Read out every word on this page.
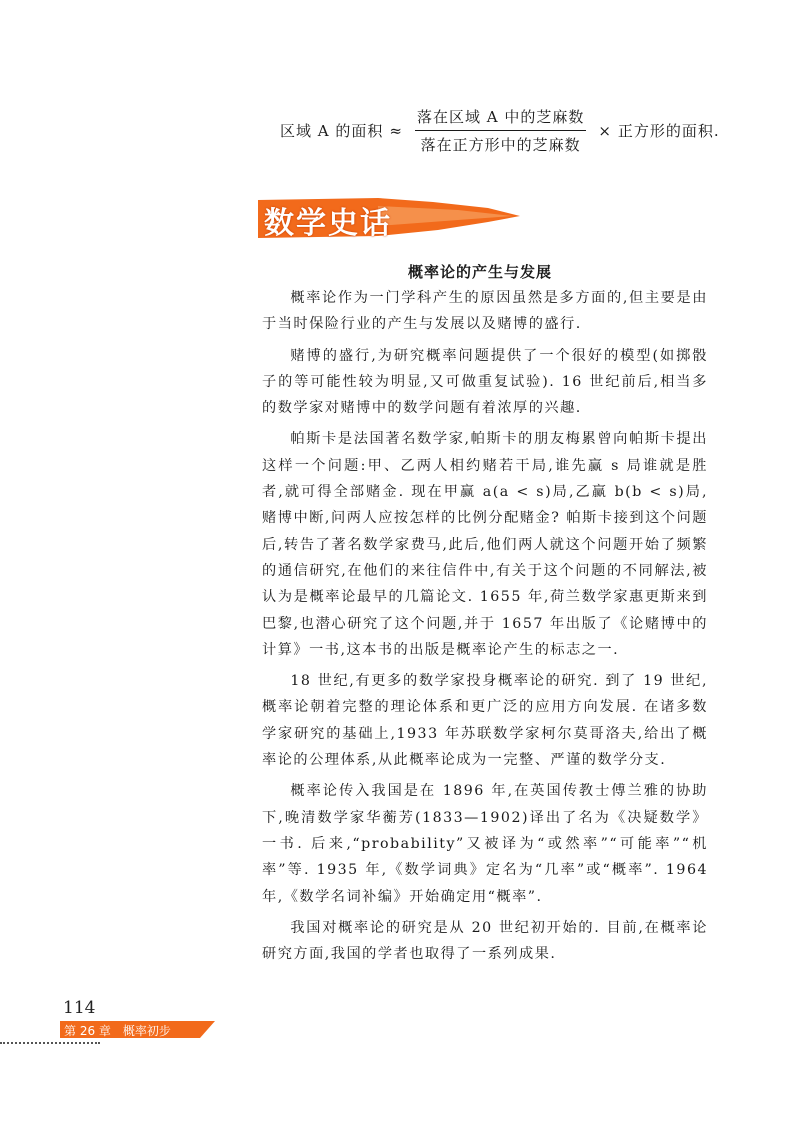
区域 A 的面积 ≈ $\frac{\text{落在区域 A 中的芝麻数}}{\text{落在正方形中的芝麻数}}$ × 正方形的面积.
数学史话
概率论的产生与发展

概率论作为一门学科产生的原因虽然是多方面的,但主要是由于当时保险行业的产生与发展以及赌博的盛行.

赌博的盛行,为研究概率问题提供了一个很好的模型(如掷骰子的等可能性较为明显,又可做重复试验). 16 世纪前后,相当多的数学家对赌博中的数学问题有着浓厚的兴趣.

帕斯卡是法国著名数学家,帕斯卡的朋友梅累曾向帕斯卡提出这样一个问题:甲、乙两人相约赌若干局,谁先赢 s 局谁就是胜者,就可得全部赌金. 现在甲赢 a(a < s)局,乙赢 b(b < s)局,赌博中断,问两人应按怎样的比例分配赌金? 帕斯卡接到这个问题后,转告了著名数学家费马,此后,他们两人就这个问题开始了频繁的通信研究,在他们的来往信件中,有关于这个问题的不同解法,被认为是概率论最早的几篇论文. 1655 年,荷兰数学家惠更斯来到巴黎,也潜心研究了这个问题,并于 1657 年出版了《论赌博中的计算》一书,这本书的出版是概率论产生的标志之一.

18 世纪,有更多的数学家投身概率论的研究. 到了 19 世纪,概率论朝着完整的理论体系和更广泛的应用方向发展. 在诸多数学家研究的基础上,1933 年苏联数学家柯尔莫哥洛夫,给出了概率论的公理体系,从此概率论成为一完整、严谨的数学分支.

概率论传入我国是在 1896 年,在英国传教士傅兰雅的协助下,晚清数学家华蘅芳(1833—1902)译出了名为《决疑数学》一书. 后来,“probability”又被译为“或然率”“可能率”“机率”等. 1935 年,《数学词典》定名为“几率”或“概率”. 1964 年,《数学名词补编》开始确定用“概率”.

我国对概率论的研究是从 20 世纪初开始的. 目前,在概率论研究方面,我国的学者也取得了一系列成果.

114
第 26 章　概率初步
